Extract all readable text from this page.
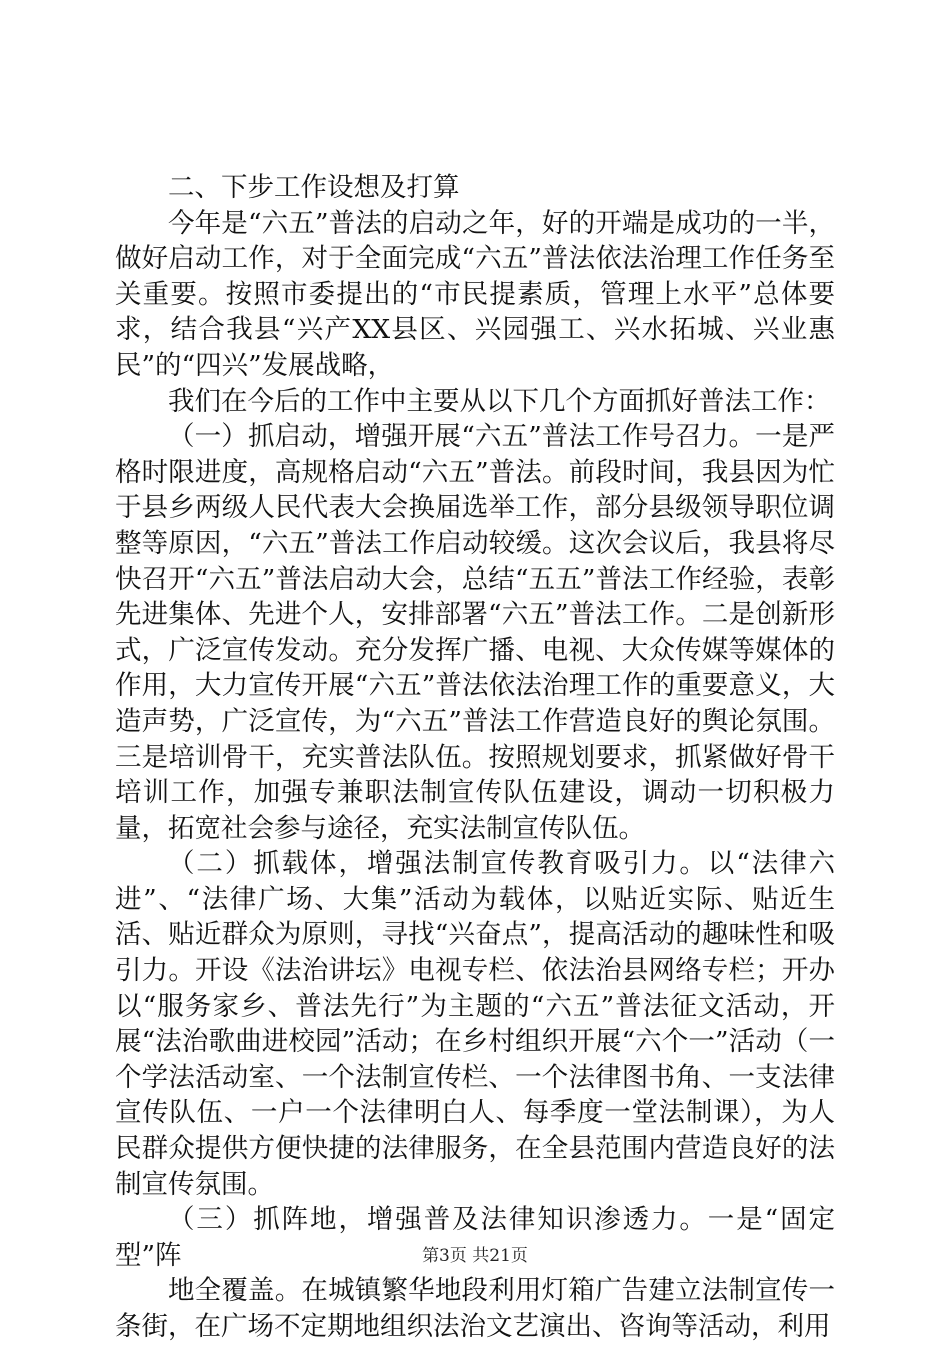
二、下步工作设想及打算

今年是“六五”普法的启动之年，好的开端是成功的一半，做好启动工作，对于全面完成“六五”普法依法治理工作任务至关重要。按照市委提出的“市民提素质，管理上水平”总体要求，结合我县“兴产XX县区、兴园强工、兴水拓城、兴业惠民”的“四兴”发展战略，

我们在今后的工作中主要从以下几个方面抓好普法工作：

（一）抓启动，增强开展“六五”普法工作号召力。一是严格时限进度，高规格启动“六五”普法。前段时间，我县因为忙于县乡两级人民代表大会换届选举工作，部分县级领导职位调整等原因，“六五”普法工作启动较缓。这次会议后，我县将尽快召开“六五”普法启动大会，总结“五五”普法工作经验，表彰先进集体、先进个人，安排部署“六五”普法工作。二是创新形式，广泛宣传发动。充分发挥广播、电视、大众传媒等媒体的作用，大力宣传开展“六五”普法依法治理工作的重要意义，大造声势，广泛宣传，为“六五”普法工作营造良好的舆论氛围。三是培训骨干，充实普法队伍。按照规划要求，抓紧做好骨干培训工作，加强专兼职法制宣传队伍建设，调动一切积极力量，拓宽社会参与途径，充实法制宣传队伍。

（二）抓载体，增强法制宣传教育吸引力。以“法律六进”、“法律广场、大集”活动为载体，以贴近实际、贴近生活、贴近群众为原则，寻找“兴奋点”，提高活动的趣味性和吸引力。开设《法治讲坛》电视专栏、依法治县网络专栏；开办以“服务家乡、普法先行”为主题的“六五”普法征文活动，开展“法治歌曲进校园”活动；在乡村组织开展“六个一”活动（一个学法活动室、一个法制宣传栏、一个法律图书角、一支法律宣传队伍、一户一个法律明白人、每季度一堂法制课），为人民群众提供方便快捷的法律服务，在全县范围内营造良好的法制宣传氛围。

（三）抓阵地，增强普及法律知识渗透力。一是“固定型”阵

地全覆盖。在城镇繁华地段利用灯箱广告建立法制宣传一条街，在广场不定期地组织法治文艺演出、咨询等活动，利用

第3页 共21页
